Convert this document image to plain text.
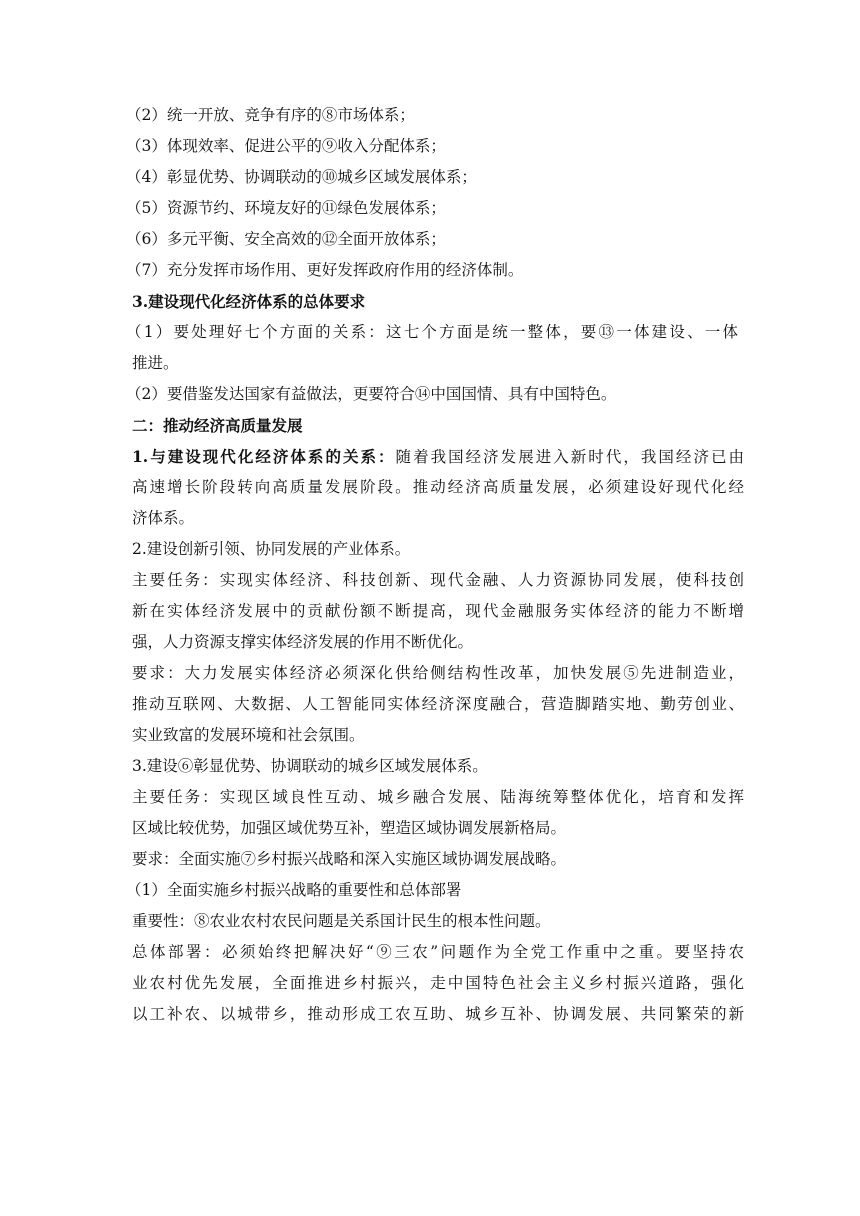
（2）统一开放、竞争有序的⑧市场体系；
（3）体现效率、促进公平的⑨收入分配体系；
（4）彰显优势、协调联动的⑩城乡区域发展体系；
（5）资源节约、环境友好的⑪绿色发展体系；
（6）多元平衡、安全高效的⑫全面开放体系；
（7）充分发挥市场作用、更好发挥政府作用的经济体制。
3.建设现代化经济体系的总体要求
（1）要处理好七个方面的关系：这七个方面是统一整体，要⑬一体建设、一体
推进。
（2）要借鉴发达国家有益做法，更要符合⑭中国国情、具有中国特色。
二：推动经济高质量发展
1.与建设现代化经济体系的关系：随着我国经济发展进入新时代，我国经济已由
高速增长阶段转向高质量发展阶段。推动经济高质量发展，必须建设好现代化经
济体系。
2.建设创新引领、协同发展的产业体系。
主要任务：实现实体经济、科技创新、现代金融、人力资源协同发展，使科技创
新在实体经济发展中的贡献份额不断提高，现代金融服务实体经济的能力不断增
强，人力资源支撑实体经济发展的作用不断优化。
要求：大力发展实体经济必须深化供给侧结构性改革，加快发展⑤先进制造业，
推动互联网、大数据、人工智能同实体经济深度融合，营造脚踏实地、勤劳创业、
实业致富的发展环境和社会氛围。
3.建设⑥彰显优势、协调联动的城乡区域发展体系。
主要任务：实现区域良性互动、城乡融合发展、陆海统筹整体优化，培育和发挥
区域比较优势，加强区域优势互补，塑造区域协调发展新格局。
要求：全面实施⑦乡村振兴战略和深入实施区域协调发展战略。
（1）全面实施乡村振兴战略的重要性和总体部署
重要性：⑧农业农村农民问题是关系国计民生的根本性问题。
总体部署：必须始终把解决好“⑨三农”问题作为全党工作重中之重。要坚持农
业农村优先发展，全面推进乡村振兴，走中国特色社会主义乡村振兴道路，强化
以工补农、以城带乡，推动形成工农互助、城乡互补、协调发展、共同繁荣的新
